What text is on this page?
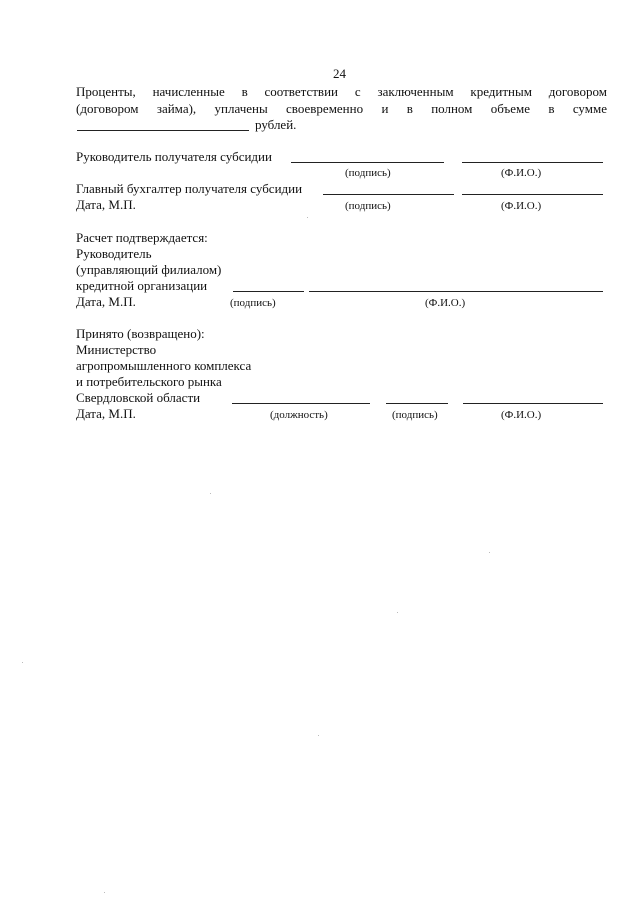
24
Проценты, начисленные в соответствии с заключенным кредитным договором
(договором займа), уплачены своевременно и в полном объеме в сумме
рублей.
Руководитель получателя субсидии
(подпись)	(Ф.И.О.)
Главный бухгалтер получателя субсидии
Дата, М.П.	(подпись)	(Ф.И.О.)
Расчет подтверждается:
Руководитель
(управляющий филиалом)
кредитной организации
Дата, М.П.	(подпись)	(Ф.И.О.)
Принято (возвращено):
Министерство
агропромышленного комплекса
и потребительского рынка
Свердловской области
Дата, М.П.	(должность)	(подпись)	(Ф.И.О.)
